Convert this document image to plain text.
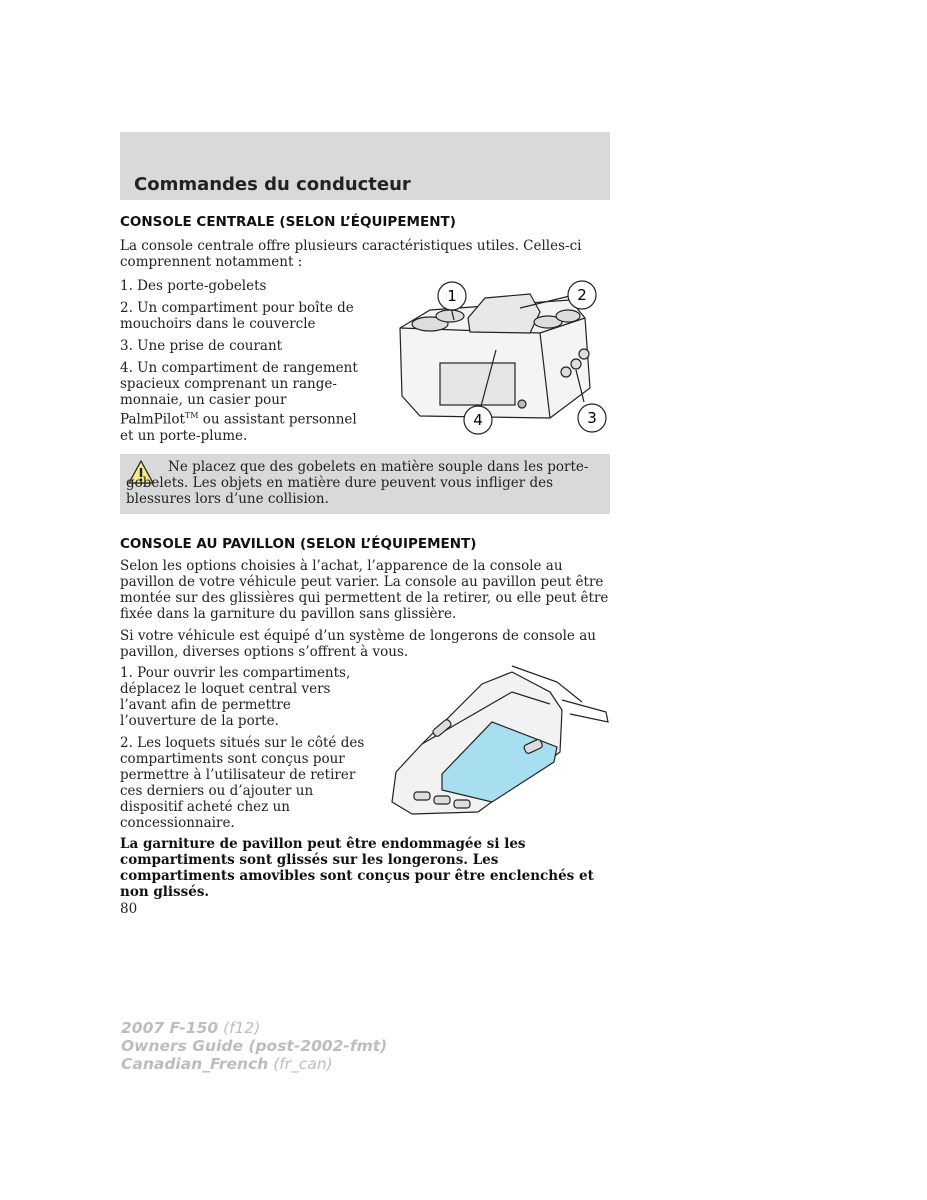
Commandes du conducteur
CONSOLE CENTRALE (SELON L’ÉQUIPEMENT)
La console centrale offre plusieurs caractéristiques utiles. Celles-ci comprennent notamment :

1. Des porte-gobelets

2. Un compartiment pour boîte de mouchoirs dans le couvercle

3. Une prise de courant

4. Un compartiment de rangement spacieux comprenant un range-monnaie, un casier pour PalmPilot™ ou assistant personnel et un porte-plume.

1	2
3
4
Ne placez que des gobelets en matière souple dans les porte-gobelets. Les objets en matière dure peuvent vous infliger des blessures lors d’une collision.
CONSOLE AU PAVILLON (SELON L’ÉQUIPEMENT)
Selon les options choisies à l’achat, l’apparence de la console au pavillon de votre véhicule peut varier. La console au pavillon peut être montée sur des glissières qui permettent de la retirer, ou elle peut être fixée dans la garniture du pavillon sans glissière.
Si votre véhicule est équipé d’un système de longerons de console au pavillon, diverses options s’offrent à vous.

1. Pour ouvrir les compartiments, déplacez le loquet central vers l’avant afin de permettre l’ouverture de la porte.

2. Les loquets situés sur le côté des compartiments sont conçus pour permettre à l’utilisateur de retirer ces derniers ou d’ajouter un dispositif acheté chez un concessionnaire.

La garniture de pavillon peut être endommagée si les compartiments sont glissés sur les longerons. Les compartiments amovibles sont conçus pour être enclenchés et non glissés.
80
2007 F-150 (f12)
Owners Guide (post-2002-fmt)
Canadian_French (fr_can)
